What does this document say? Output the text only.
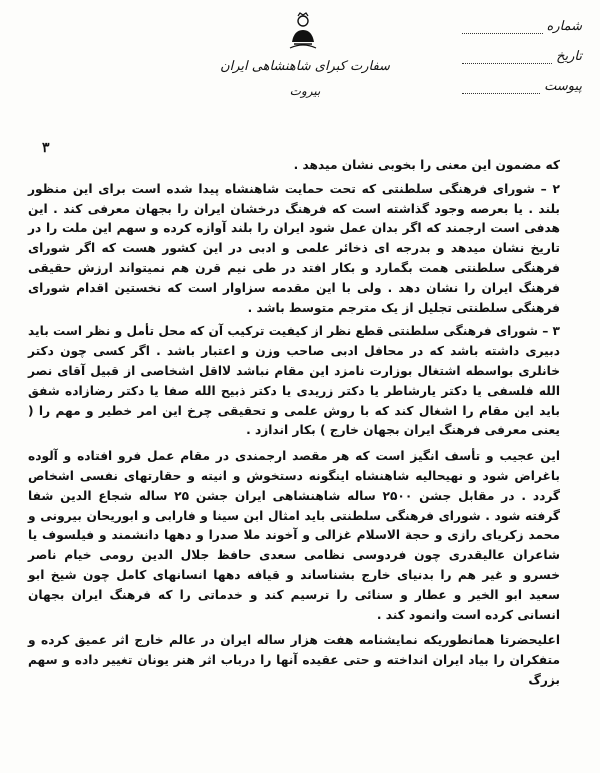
سفارت کبرای شاهنشاهی ایران
بیروت
شماره
تاریخ
پیوست
۳

که مضمون این معنی را بخوبی نشان میدهد .

۲ – شورای فرهنگی سلطنتی که تحت حمایت شاهنشاه پیدا شده است برای این منظور بلند . یا بعرصه وجود گذاشته است که فرهنگ درخشان ایران را بجهان معرفی کند . این هدفی است ارجمند که اگر بدان عمل شود ایران را بلند آوازه کرده و سهم این ملت را در تاریخ نشان میدهد و بدرجه ای ذخائر علمی و ادبی در این کشور هست که اگر شورای فرهنگی سلطنتی همت بگمارد و بکار افتد در طی نیم قرن هم نمیتواند ارزش حقیقی فرهنگ ایران را نشان دهد . ولی با این مقدمه سزاوار است که نخستین اقدام شورای فرهنگی سلطنتی تجلیل از یک مترجم متوسط باشد .

۳ – شورای فرهنگی سلطنتی قطع نظر از کیفیت ترکیب آن که محل تأمل و نظر است باید دبیری داشته باشد که در محافل ادبی صاحب وزن و اعتبار باشد . اگر کسی چون دکتر خانلری بواسطه اشتغال بوزارت نامزد این مقام نباشد لااقل اشخاصی از قبیل آقای نصر الله فلسفی یا دکتر یارشاطر یا دکتر زریدی یا دکتر ذبیح الله صفا یا دکتر رضازاده شفق باید این مقام را اشغال کند که با روش علمی و تحقیقی چرخ این امر خطیر و مهم را ( یعنی معرفی فرهنگ ایران بجهان خارج ) بکار اندازد .

این عجیب و تأسف انگیز است که هر مقصد ارجمندی در مقام عمل فرو افتاده و آلوده باغراض شود و نهیحالیه شاهنشاه اینگونه دستخوش و انیته و حقارتهای نفسی اشخاص گردد . در مقابل جشن ۲۵۰۰ ساله شاهنشاهی ایران جشن ۲۵ ساله شجاع الدین شفا گرفته شود . شورای فرهنگی سلطنتی باید امثال ابن سینا و فارابی و ابوریحان بیرونی و محمد زکریای رازی و حجة الاسلام غزالی و آخوند ملا صدرا و دهها دانشمند و فیلسوف یا شاعران عالیقدری چون فردوسی نظامی سعدی حافظ جلال الدین رومی خیام ناصر خسرو و غیر هم را بدنیای خارج بشناساند و قیافه دهها انسانهای کامل چون شیخ ابو سعید ابو الخیر و عطار و سنائی را ترسیم کند و خدماتی را که فرهنگ ایران بجهان انسانی کرده است وانمود کند .

اعلیحضرتا همانطوریکه نمایشنامه هفت هزار ساله ایران در عالم خارج اثر عمیق کرده و متفکران را بیاد ایران انداخته و حتی عقیده آنها را درباب اثر هنر یونان تغییر داده و سهم بزرگ
